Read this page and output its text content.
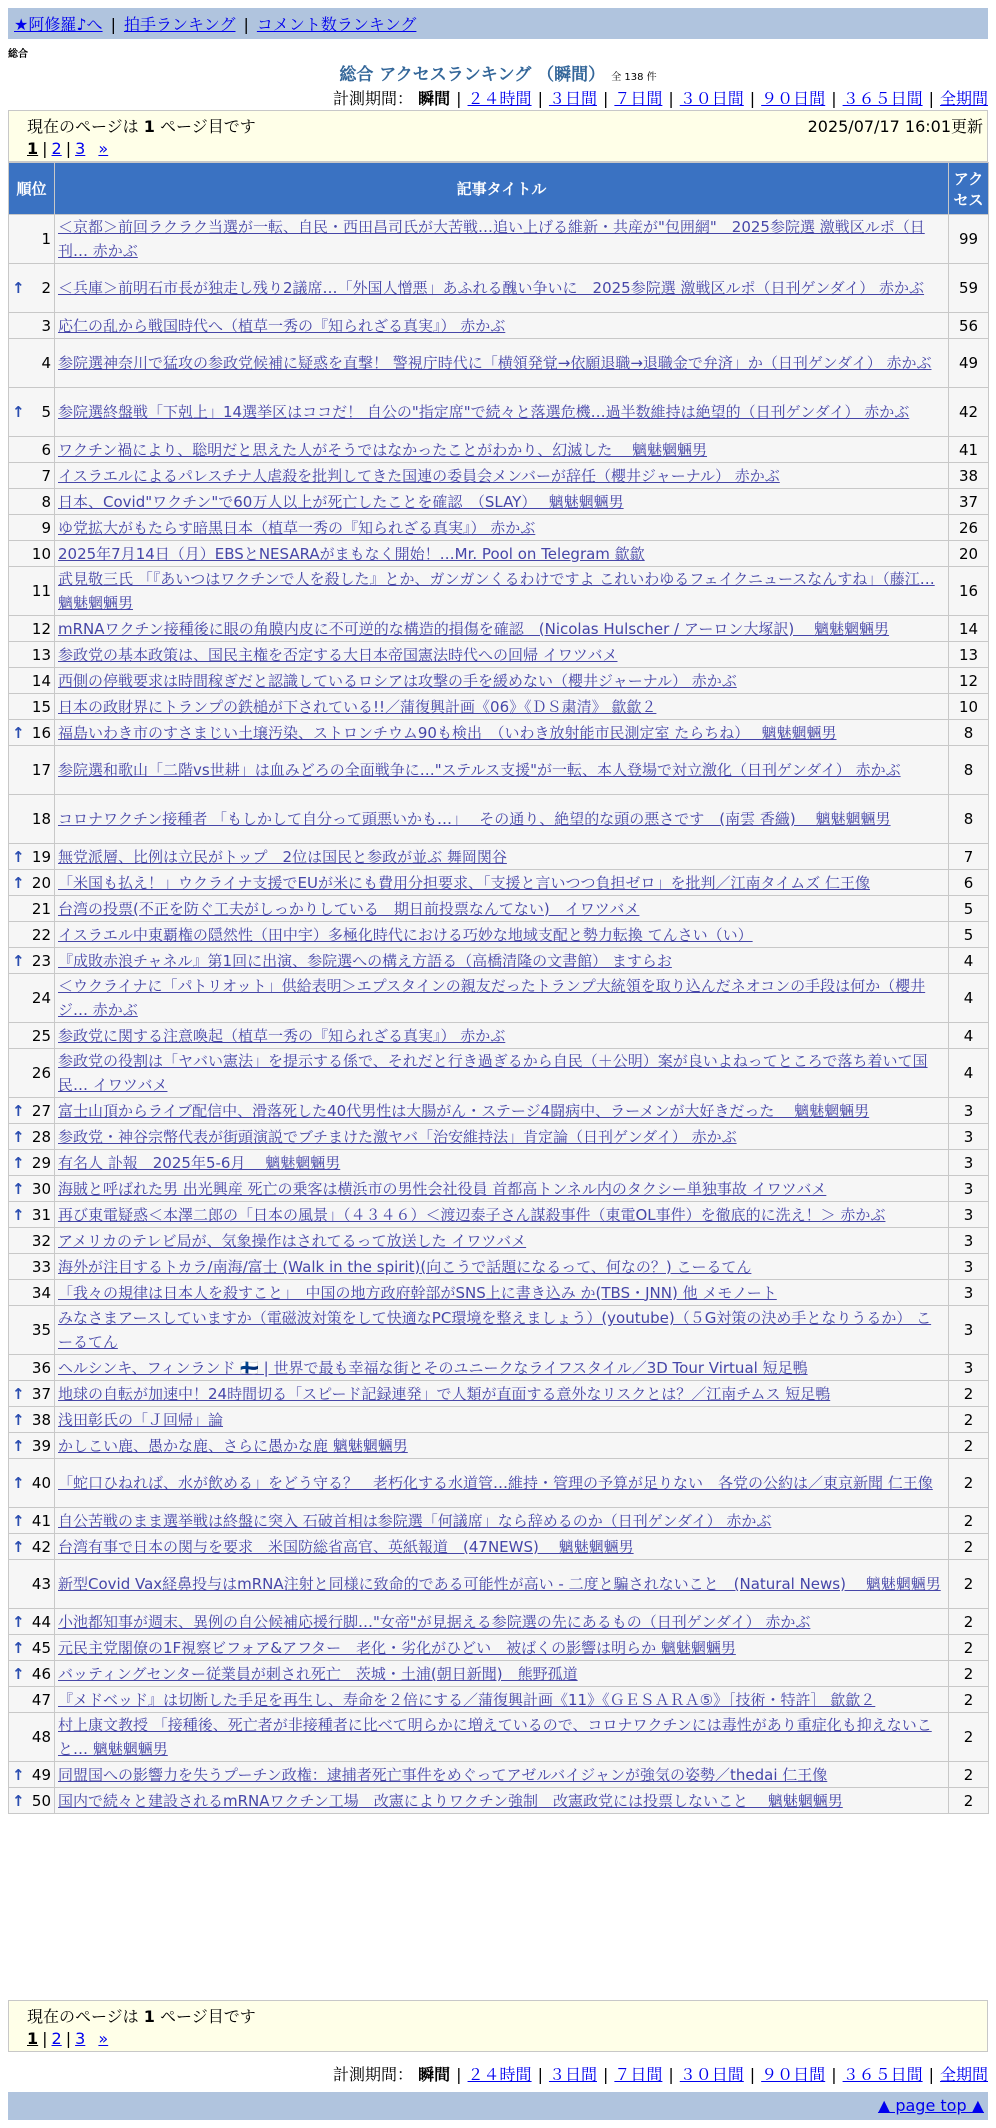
★阿修羅♪へ | 拍手ランキング | コメント数ランキング
総合
総合 アクセスランキング （瞬間） 全 138 件
計測期間： 瞬間 | ２４時間 | ３日間 | ７日間 | ３０日間 | ９０日間 | ３６５日間 | 全期間
現在のページは 1 ページ目です	2025/07/17 16:01更新
1 | 2 | 3 »
順位	記事タイトル	アクセス
1	＜京都＞前回ラクラク当選が一転、自民・西田昌司氏が大苦戦…追い上げる維新・共産が"包囲網"　2025参院選 激戦区ルポ（日刊… 赤かぶ	99

↑ 2	＜兵庫＞前明石市長が独走し残り2議席…「外国人憎悪」あふれる醜い争いに　2025参院選 激戦区ルポ（日刊ゲンダイ） 赤かぶ	59
3	応仁の乱から戦国時代へ（植草一秀の『知られざる真実』） 赤かぶ	56
4	参院選神奈川で猛攻の参政党候補に疑惑を直撃！ 警視庁時代に「横領発覚→依願退職→退職金で弁済」か（日刊ゲンダイ） 赤かぶ	49

↑ 5	参院選終盤戦「下剋上」14選挙区はココだ！ 自公の"指定席"で続々と落選危機…過半数維持は絶望的（日刊ゲンダイ） 赤かぶ	42
6	ワクチン禍により、聡明だと思えた人がそうではなかったことがわかり、幻滅した　 魑魅魍魎男	41
7	イスラエルによるパレスチナ人虐殺を批判してきた国連の委員会メンバーが辞任（櫻井ジャーナル） 赤かぶ	38
8	日本、Covid"ワクチン"で60万人以上が死亡したことを確認　（SLAY）　 魑魅魍魎男	37
9	ゆ党拡大がもたらす暗黒日本（植草一秀の『知られざる真実』） 赤かぶ	26
10	2025年7月14日（月）EBSとNESARAがまもなく開始！…Mr. Pool on Telegram 歙歙	20
11	武見敬三氏 「『あいつはワクチンで人を殺した』とか、ガンガンくるわけですよ これいわゆるフェイクニュースなんすね」（藤江… 魑魅魍魎男	16
12	mRNAワクチン接種後に眼の角膜内皮に不可逆的な構造的損傷を確認　(Nicolas Hulscher / アーロン大塚訳)　 魑魅魍魎男	14
13	参政党の基本政策は、国民主権を否定する大日本帝国憲法時代への回帰 イワツバメ	13
14	西側の停戦要求は時間稼ぎだと認識しているロシアは攻撃の手を緩めない（櫻井ジャーナル） 赤かぶ	12
15	日本の政財界にトランプの鉄槌が下されている!!／蒲復興計画《06》《ＤＳ粛清》 歙歙２	10

↑ 16	福島いわき市のすさまじい土壌汚染、ストロンチウム90も検出　（いわき放射能市民測定室 たらちね）　 魑魅魍魎男	8
17	参院選和歌山「二階vs世耕」は血みどろの全面戦争に…"ステルス支援"が一転、本人登場で対立激化（日刊ゲンダイ） 赤かぶ	8
18	コロナワクチン接種者 「もしかして自分って頭悪いかも…」　 その通り、絶望的な頭の悪さです　(南雲 香織)　 魑魅魍魎男	8

↑ 19	無党派層、比例は立民がトップ　2位は国民と参政が並ぶ 舞岡関谷	7

↑ 20	「米国も払え！」ウクライナ支援でEUが米にも費用分担要求、「支援と言いつつ負担ゼロ」を批判／江南タイムズ 仁王像	6
21	台湾の投票(不正を防ぐ工夫がしっかりしている　期日前投票なんてない)　イワツバメ	5
22	イスラエル中東覇権の隠然性（田中宇）多極化時代における巧妙な地域支配と勢力転換 てんさい（い）	5

↑ 23	『成敗赤浪チャネル』第1回に出演、参院選への構え方語る（高橋清隆の文書館） ますらお	4
24	＜ウクライナに「パトリオット」供給表明＞エプスタインの親友だったトランプ大統領を取り込んだネオコンの手段は何か（櫻井ジ… 赤かぶ	4
25	参政党に関する注意喚起（植草一秀の『知られざる真実』） 赤かぶ	4
26	参政党の役割は「ヤバい憲法」を提示する係で、それだと行き過ぎるから自民（＋公明）案が良いよねってところで落ち着いて国民… イワツバメ	4

↑ 27	富士山頂からライブ配信中、滑落死した40代男性は大腸がん・ステージ4闘病中、ラーメンが大好きだった　 魑魅魍魎男	3

↑ 28	参政党・神谷宗幣代表が街頭演説でブチまけた激ヤバ「治安維持法」肯定論（日刊ゲンダイ） 赤かぶ	3

↑ 29	有名人 訃報　2025年5-6月　 魑魅魍魎男	3

↑ 30	海賊と呼ばれた男 出光興産 死亡の乗客は横浜市の男性会社役員 首都高トンネル内のタクシー単独事故 イワツバメ	3

↑ 31	再び東電疑惑＜本澤二郎の「日本の風景」（４３４６）＜渡辺泰子さん謀殺事件（東電OL事件）を徹底的に洗え！＞ 赤かぶ	3
32	アメリカのテレビ局が、気象操作はされてるって放送した イワツバメ	3
33	海外が注目するトカラ/南海/富士 (Walk in the spirit)(向こうで話題になるって、何なの？) こーるてん	3
34	「我々の規律は日本人を殺すこと」　中国の地方政府幹部がSNS上に書き込み か(TBS・JNN) 他 メモノート	3
35	みなさまアースしていますか（電磁波対策をして快適なPC環境を整えましょう）(youtube)（５G対策の決め手となりうるか） こーるてん	3
36	ヘルシンキ、フィンランド 🇫🇮 | 世界で最も幸福な街とそのユニークなライフスタイル／3D Tour Virtual 短足鴨	3

↑ 37	地球の自転が加速中！24時間切る「スピード記録連発」で人類が直面する意外なリスクとは？／江南チムス 短足鴨	2

↑ 38	浅田彰氏の「Ｊ回帰」論	2

↑ 39	かしこい鹿、愚かな鹿、さらに愚かな鹿 魑魅魍魎男	2

↑ 40	「蛇口ひねれば、水が飲める」をどう守る？　老朽化する水道管…維持・管理の予算が足りない　各党の公約は／東京新聞 仁王像	2

↑ 41	自公苦戦のまま選挙戦は終盤に突入 石破首相は参院選「何議席」なら辞めるのか（日刊ゲンダイ） 赤かぶ	2

↑ 42	台湾有事で日本の関与を要求　米国防総省高官、英紙報道　(47NEWS)　 魑魅魍魎男	2
43	新型Covid Vax経鼻投与はmRNA注射と同様に致命的である可能性が高い - 二度と騙されないこと　(Natural News)　 魑魅魍魎男	2

↑ 44	小池都知事が週末、異例の自公候補応援行脚…"女帝"が見据える参院選の先にあるもの（日刊ゲンダイ） 赤かぶ	2

↑ 45	元民主党閣僚の1F視察ビフォア&アフター　老化・劣化がひどい　被ばくの影響は明らか 魑魅魍魎男	2

↑ 46	バッティングセンター従業員が刺され死亡　茨城・土浦(朝日新聞)　熊野孤道	2
47	『メドベッド』は切断した手足を再生し、寿命を２倍にする／蒲復興計画《11》《ＧＥＳＡＲＡ⑤》［技術・特許］ 歙歙２	2
48	村上康文教授 「接種後、死亡者が非接種者に比べて明らかに増えているので、コロナワクチンには毒性があり重症化も抑えないこと… 魑魅魍魎男	2

↑ 49	同盟国への影響力を失うプーチン政権：逮捕者死亡事件をめぐってアゼルバイジャンが強気の姿勢／thedai 仁王像	2

↑ 50	国内で続々と建設されるmRNAワクチン工場　改憲によりワクチン強制　改憲政党には投票しないこと　 魑魅魍魎男	2
現在のページは 1 ページ目です
1 | 2 | 3 »
計測期間： 瞬間 | ２４時間 | ３日間 | ７日間 | ３０日間 | ９０日間 | ３６５日間 | 全期間
▲ page top ▲
